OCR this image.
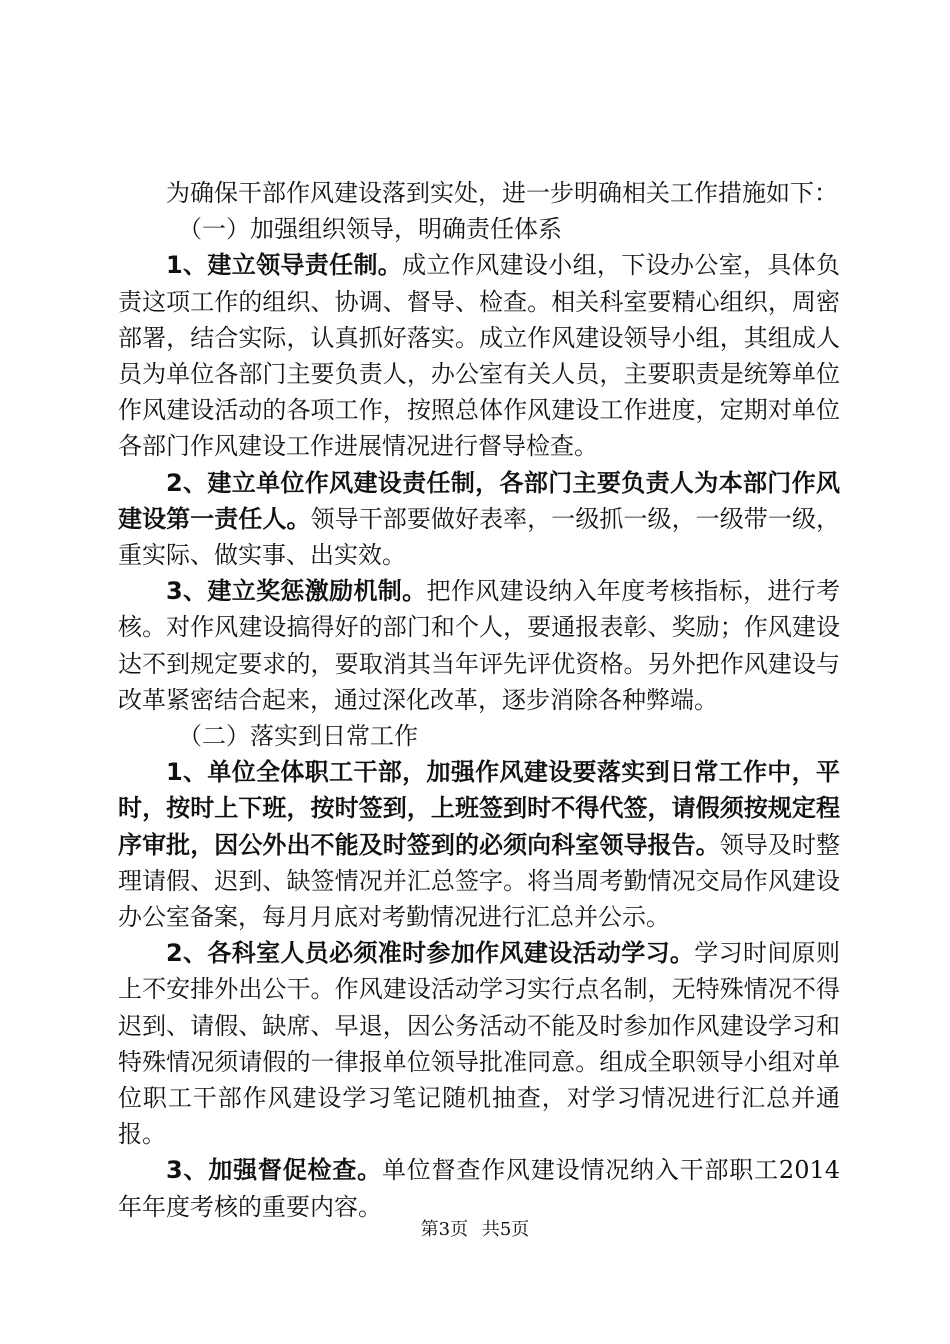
为确保干部作风建设落到实处，进一步明确相关工作措施如下：

（一）加强组织领导，明确责任体系

1、建立领导责任制。成立作风建设小组，下设办公室，具体负责这项工作的组织、协调、督导、检查。相关科室要精心组织，周密部署，结合实际，认真抓好落实。成立作风建设领导小组，其组成人员为单位各部门主要负责人，办公室有关人员，主要职责是统筹单位作风建设活动的各项工作，按照总体作风建设工作进度，定期对单位各部门作风建设工作进展情况进行督导检查。

2、建立单位作风建设责任制，各部门主要负责人为本部门作风建设第一责任人。领导干部要做好表率，一级抓一级，一级带一级，重实际、做实事、出实效。

3、建立奖惩激励机制。把作风建设纳入年度考核指标，进行考核。对作风建设搞得好的部门和个人，要通报表彰、奖励；作风建设达不到规定要求的，要取消其当年评先评优资格。另外把作风建设与改革紧密结合起来，通过深化改革，逐步消除各种弊端。

（二）落实到日常工作

1、单位全体职工干部，加强作风建设要落实到日常工作中，平时，按时上下班，按时签到，上班签到时不得代签，请假须按规定程序审批，因公外出不能及时签到的必须向科室领导报告。领导及时整理请假、迟到、缺签情况并汇总签字。将当周考勤情况交局作风建设办公室备案，每月月底对考勤情况进行汇总并公示。

2、各科室人员必须准时参加作风建设活动学习。学习时间原则上不安排外出公干。作风建设活动学习实行点名制，无特殊情况不得迟到、请假、缺席、早退，因公务活动不能及时参加作风建设学习和特殊情况须请假的一律报单位领导批准同意。组成全职领导小组对单位职工干部作风建设学习笔记随机抽查，对学习情况进行汇总并通报。

3、加强督促检查。单位督查作风建设情况纳入干部职工2014年年度考核的重要内容。

第3页 共5页
